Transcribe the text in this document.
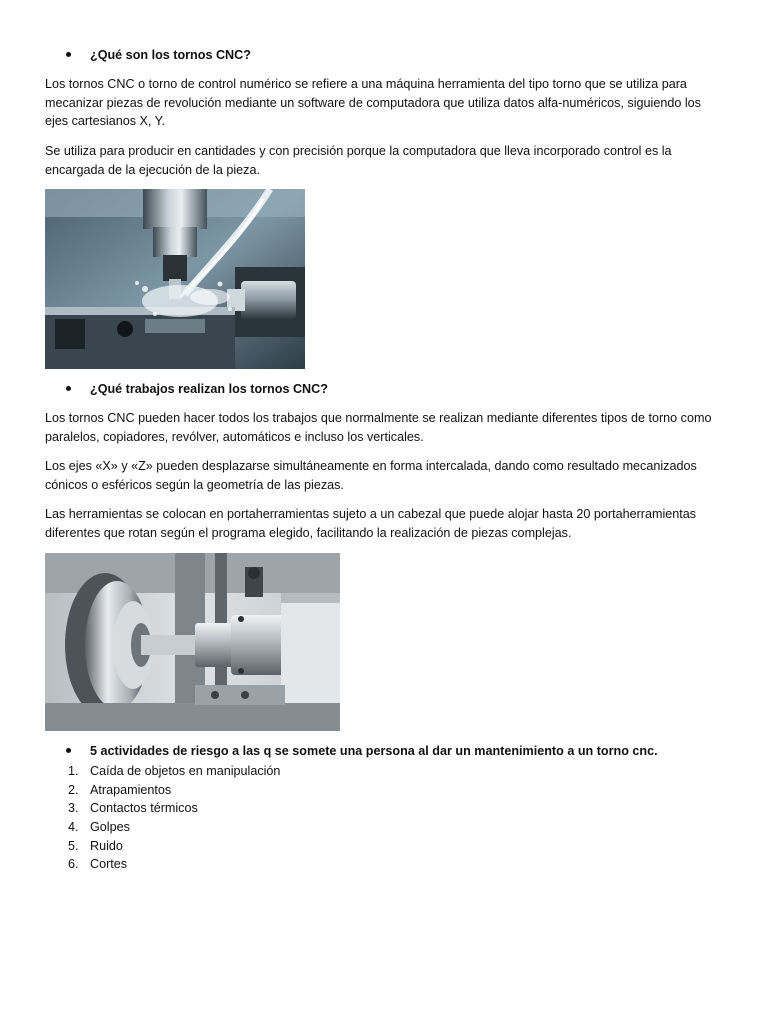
¿Qué son los tornos CNC?
Los tornos CNC o torno de control numérico se refiere a una máquina herramienta del tipo torno que se utiliza para
mecanizar piezas de revolución mediante un software de computadora que utiliza datos alfa-numéricos, siguiendo los
ejes cartesianos X, Y.
Se utiliza para producir en cantidades y con precisión porque la computadora que lleva incorporado control es la
encargada de la ejecución de la pieza.
¿Qué trabajos realizan los tornos CNC?
Los tornos CNC pueden hacer todos los trabajos que normalmente se realizan mediante diferentes tipos de torno como
paralelos, copiadores, revólver, automáticos e incluso los verticales.
Los ejes «X» y «Z» pueden desplazarse simultáneamente en forma intercalada, dando como resultado mecanizados
cónicos o esféricos según la geometría de las piezas.
Las herramientas se colocan en portaherramientas sujeto a un cabezal que puede alojar hasta 20 portaherramientas
diferentes que rotan según el programa elegido, facilitando la realización de piezas complejas.
5 actividades de riesgo a las q se somete una persona al dar un mantenimiento a un torno cnc.
1. Caída de objetos en manipulación
2. Atrapamientos
3. Contactos térmicos
4. Golpes
5. Ruido
6. Cortes
